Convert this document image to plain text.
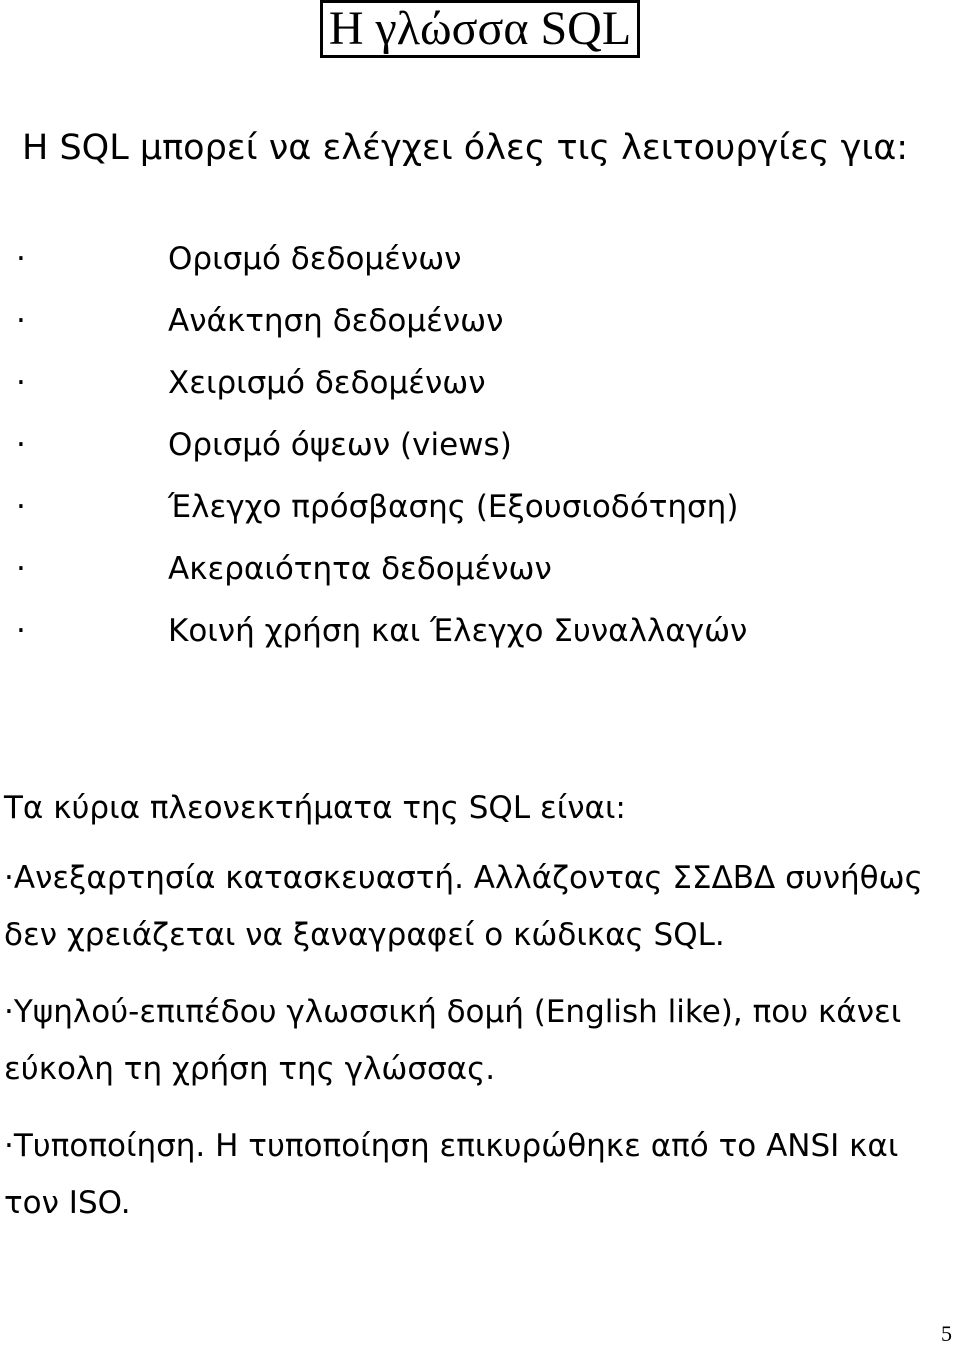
Η γλώσσα SQL

Η SQL μπορεί να ελέγχει όλες τις λειτουργίες για:

·	Ορισμό δεδομένων
·	Ανάκτηση δεδομένων
·	Χειρισμό δεδομένων
·	Ορισμό όψεων (views)
·	Έλεγχο πρόσβασης (Εξουσιοδότηση)
·	Ακεραιότητα δεδομένων
·	Κοινή χρήση και Έλεγχο Συναλλαγών

Τα κύρια πλεονεκτήματα της SQL είναι:

·Ανεξαρτησία κατασκευαστή. Αλλάζοντας ΣΣΔΒΔ συνήθως δεν χρειάζεται να ξαναγραφεί ο κώδικας SQL.
·Υψηλού-επιπέδου γλωσσική δομή (English like), που κάνει εύκολη τη χρήση της γλώσσας.
·Τυποποίηση. Η τυποποίηση επικυρώθηκε από το ANSI και τον ISO.
5
